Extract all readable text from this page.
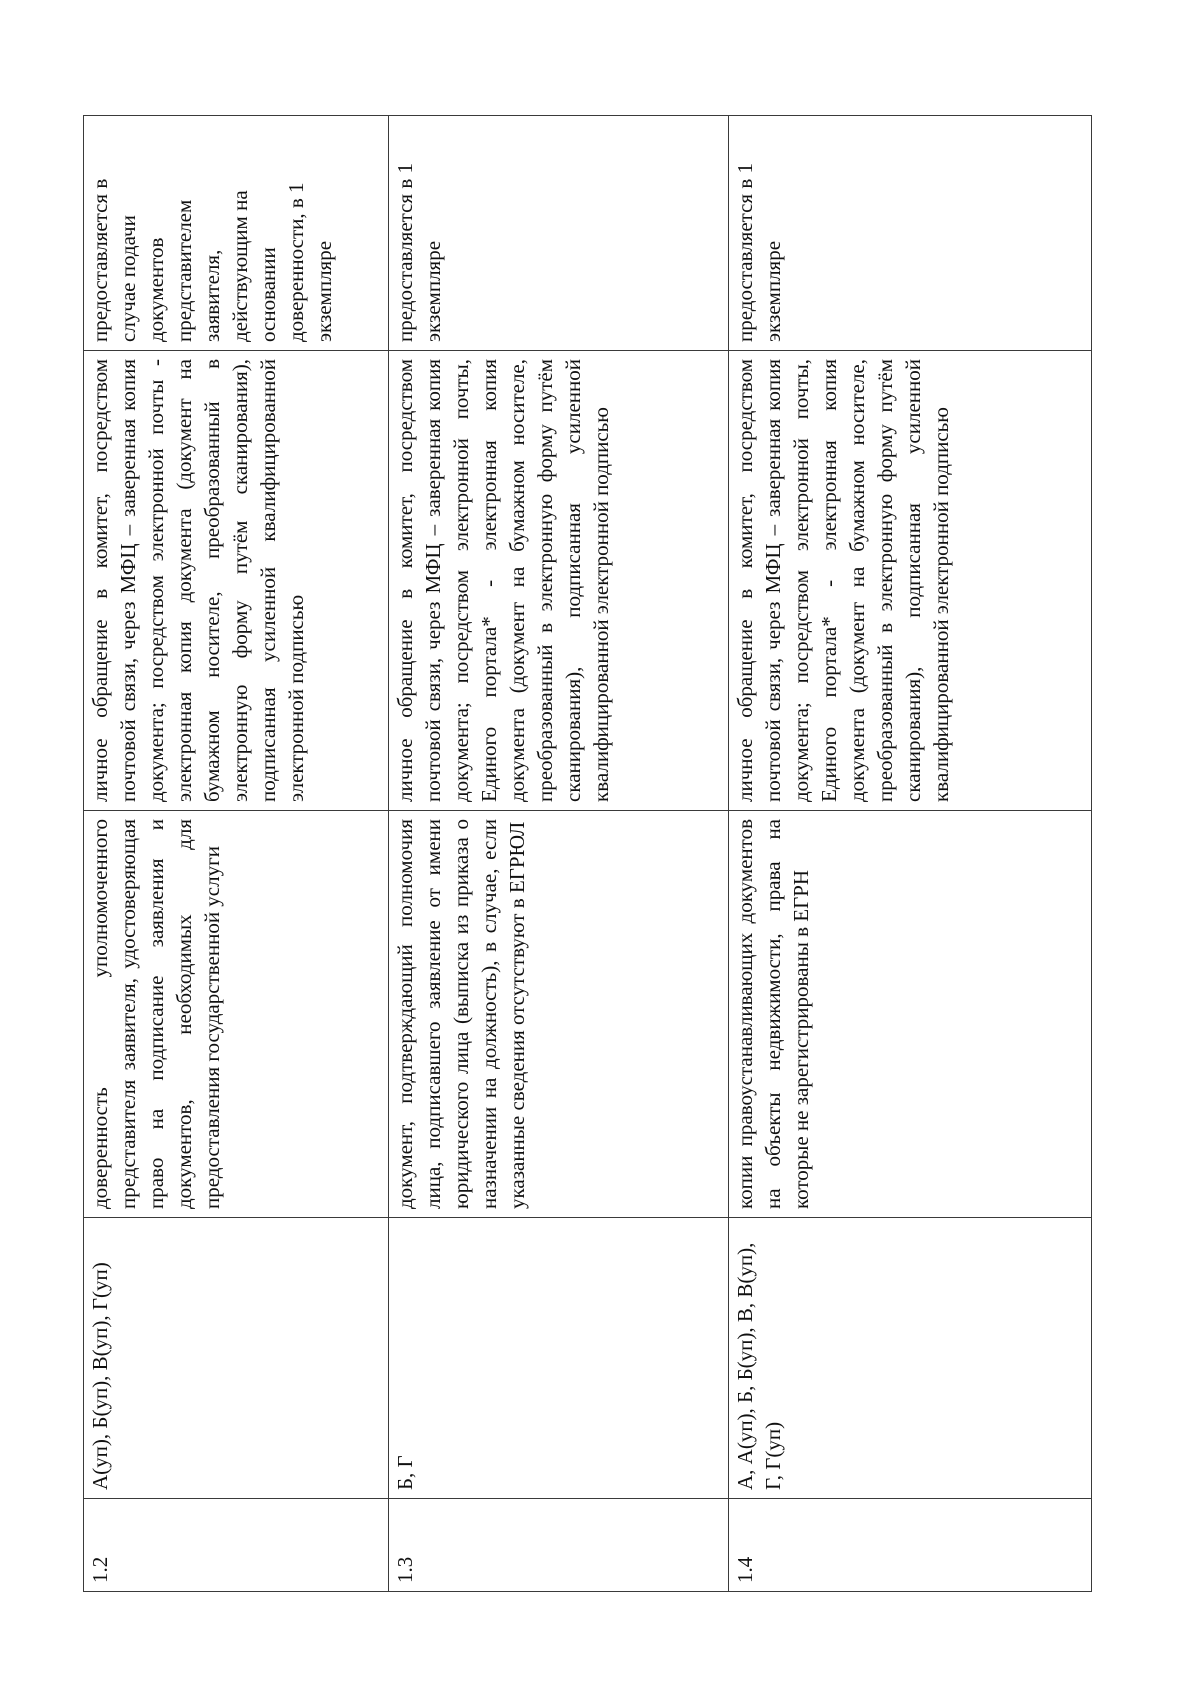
1.2	А(уп), Б(уп), В(уп), Г(уп)	доверенность уполномоченного представителя заявителя, удостоверяющая право на подписание заявления и документов, необходимых для предоставления государственной услуги	личное обращение в комитет, посредством почтовой связи, через МФЦ – заверенная копия документа; посредством электронной почты - электронная копия документа (документ на бумажном носителе, преобразованный в электронную форму путём сканирования), подписанная усиленной квалифицированной электронной подписью	предоставляется в случае подачи документов представителем заявителя, действующим на основании доверенности, в 1 экземпляре
1.3	Б, Г	документ, подтверждающий полномочия лица, подписавшего заявление от имени юридического лица (выписка из приказа о назначении на должность), в случае, если указанные сведения отсутствуют в ЕГРЮЛ	личное обращение в комитет, посредством почтовой связи, через МФЦ – заверенная копия документа; посредством электронной почты, Единого портала* - электронная копия документа (документ на бумажном носителе, преобразованный в электронную форму путём сканирования), подписанная усиленной квалифицированной электронной подписью	предоставляется в 1 экземпляре
1.4	А, А(уп), Б, Б(уп), В, В(уп), Г, Г(уп)	копии правоустанавливающих документов на объекты недвижимости, права на которые не зарегистрированы в ЕГРН	личное обращение в комитет, посредством почтовой связи, через МФЦ – заверенная копия документа; посредством электронной почты, Единого портала* - электронная копия документа (документ на бумажном носителе, преобразованный в электронную форму путём сканирования), подписанная усиленной квалифицированной электронной подписью	предоставляется в 1 экземпляре
